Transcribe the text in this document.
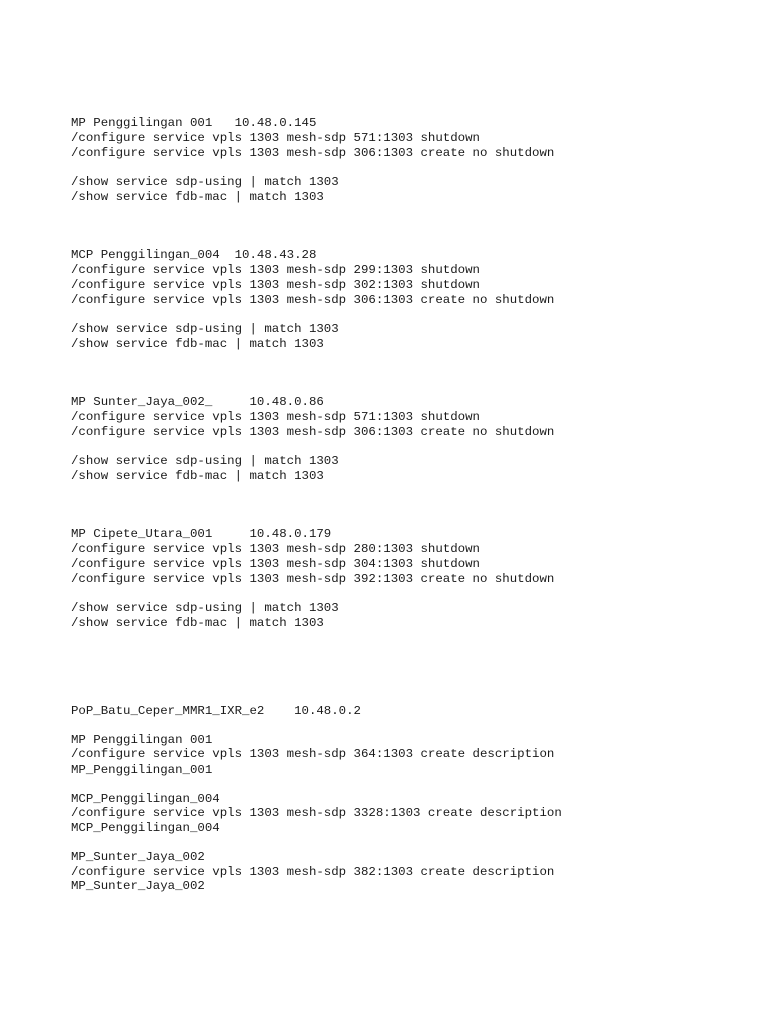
MP Penggilingan 001   10.48.0.145

/configure service vpls 1303 mesh-sdp 571:1303 shutdown

/configure service vpls 1303 mesh-sdp 306:1303 create no shutdown

/show service sdp-using | match 1303

/show service fdb-mac | match 1303

MCP Penggilingan_004  10.48.43.28

/configure service vpls 1303 mesh-sdp 299:1303 shutdown

/configure service vpls 1303 mesh-sdp 302:1303 shutdown

/configure service vpls 1303 mesh-sdp 306:1303 create no shutdown

/show service sdp-using | match 1303

/show service fdb-mac | match 1303

MP Sunter_Jaya_002_     10.48.0.86

/configure service vpls 1303 mesh-sdp 571:1303 shutdown

/configure service vpls 1303 mesh-sdp 306:1303 create no shutdown

/show service sdp-using | match 1303

/show service fdb-mac | match 1303

MP Cipete_Utara_001     10.48.0.179

/configure service vpls 1303 mesh-sdp 280:1303 shutdown

/configure service vpls 1303 mesh-sdp 304:1303 shutdown

/configure service vpls 1303 mesh-sdp 392:1303 create no shutdown

/show service sdp-using | match 1303

/show service fdb-mac | match 1303

PoP_Batu_Ceper_MMR1_IXR_e2    10.48.0.2

MP Penggilingan 001

/configure service vpls 1303 mesh-sdp 364:1303 create description

MP_Penggilingan_001

MCP_Penggilingan_004

/configure service vpls 1303 mesh-sdp 3328:1303 create description

MCP_Penggilingan_004

MP_Sunter_Jaya_002

/configure service vpls 1303 mesh-sdp 382:1303 create description

MP_Sunter_Jaya_002
